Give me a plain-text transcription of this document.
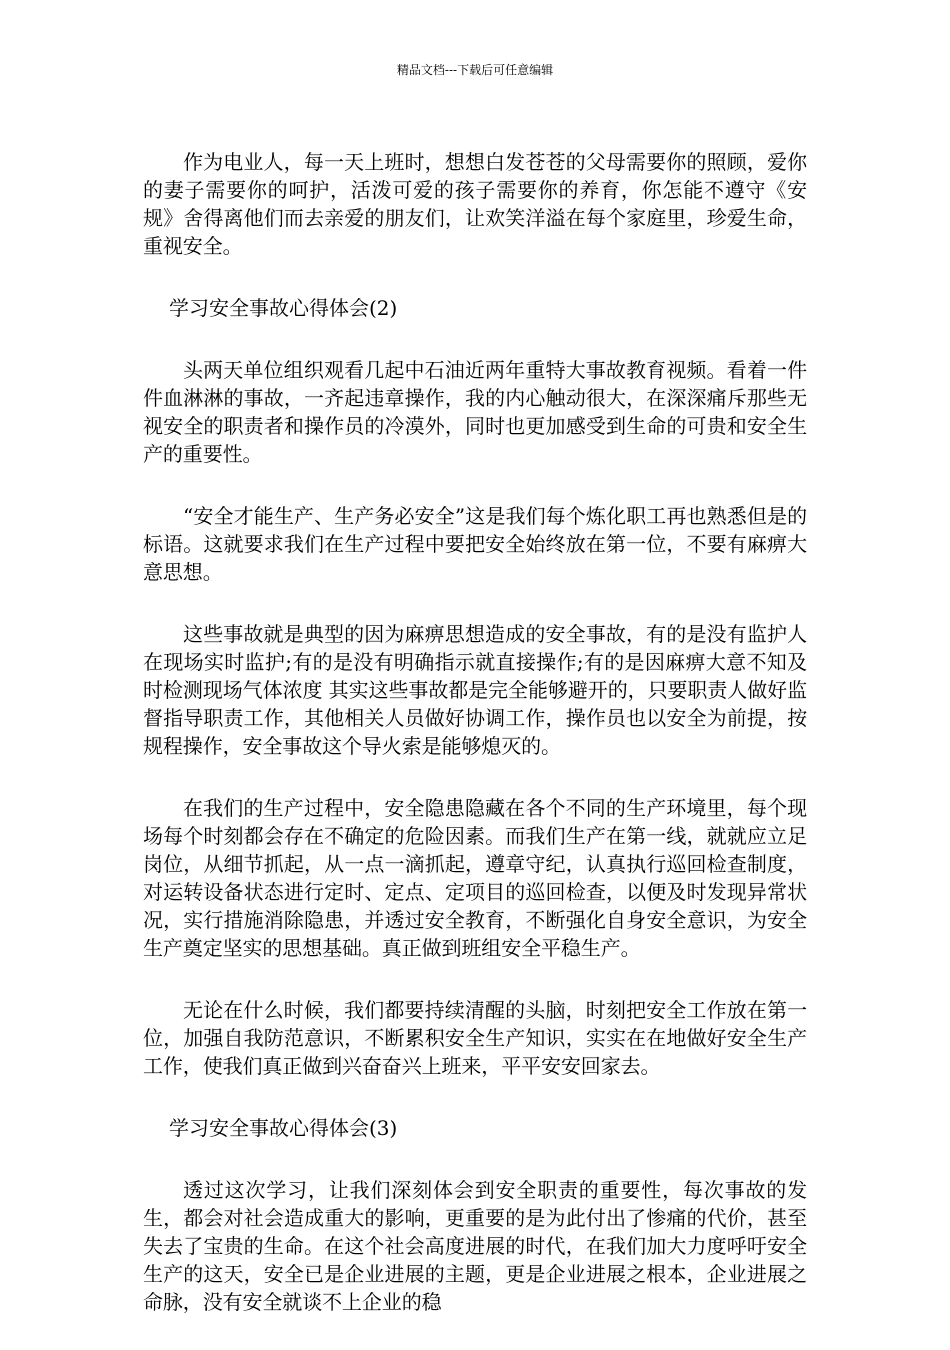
精品文档---下载后可任意编辑

作为电业人，每一天上班时，想想白发苍苍的父母需要你的照顾，爱你的妻子需要你的呵护，活泼可爱的孩子需要你的养育，你怎能不遵守《安规》舍得离他们而去亲爱的朋友们，让欢笑洋溢在每个家庭里，珍爱生命，重视安全。

学习安全事故心得体会(2)

头两天单位组织观看几起中石油近两年重特大事故教育视频。看着一件件血淋淋的事故，一齐起违章操作，我的内心触动很大，在深深痛斥那些无视安全的职责者和操作员的冷漠外，同时也更加感受到生命的可贵和安全生产的重要性。

“安全才能生产、生产务必安全”这是我们每个炼化职工再也熟悉但是的标语。这就要求我们在生产过程中要把安全始终放在第一位，不要有麻痹大意思想。

这些事故就是典型的因为麻痹思想造成的安全事故，有的是没有监护人在现场实时监护;有的是没有明确指示就直接操作;有的是因麻痹大意不知及时检测现场气体浓度 其实这些事故都是完全能够避开的，只要职责人做好监督指导职责工作，其他相关人员做好协调工作，操作员也以安全为前提，按规程操作，安全事故这个导火索是能够熄灭的。

在我们的生产过程中，安全隐患隐藏在各个不同的生产环境里，每个现场每个时刻都会存在不确定的危险因素。而我们生产在第一线，就就应立足岗位，从细节抓起，从一点一滴抓起，遵章守纪，认真执行巡回检查制度，对运转设备状态进行定时、定点、定项目的巡回检查，以便及时发现异常状况，实行措施消除隐患，并透过安全教育，不断强化自身安全意识，为安全生产奠定坚实的思想基础。真正做到班组安全平稳生产。

无论在什么时候，我们都要持续清醒的头脑，时刻把安全工作放在第一位，加强自我防范意识，不断累积安全生产知识，实实在在地做好安全生产工作，使我们真正做到兴奋奋兴上班来，平平安安回家去。

学习安全事故心得体会(3)

透过这次学习，让我们深刻体会到安全职责的重要性，每次事故的发生，都会对社会造成重大的影响，更重要的是为此付出了惨痛的代价，甚至失去了宝贵的生命。在这个社会高度进展的时代，在我们加大力度呼吁安全生产的这天，安全已是企业进展的主题，更是企业进展之根本，企业进展之命脉，没有安全就谈不上企业的稳
